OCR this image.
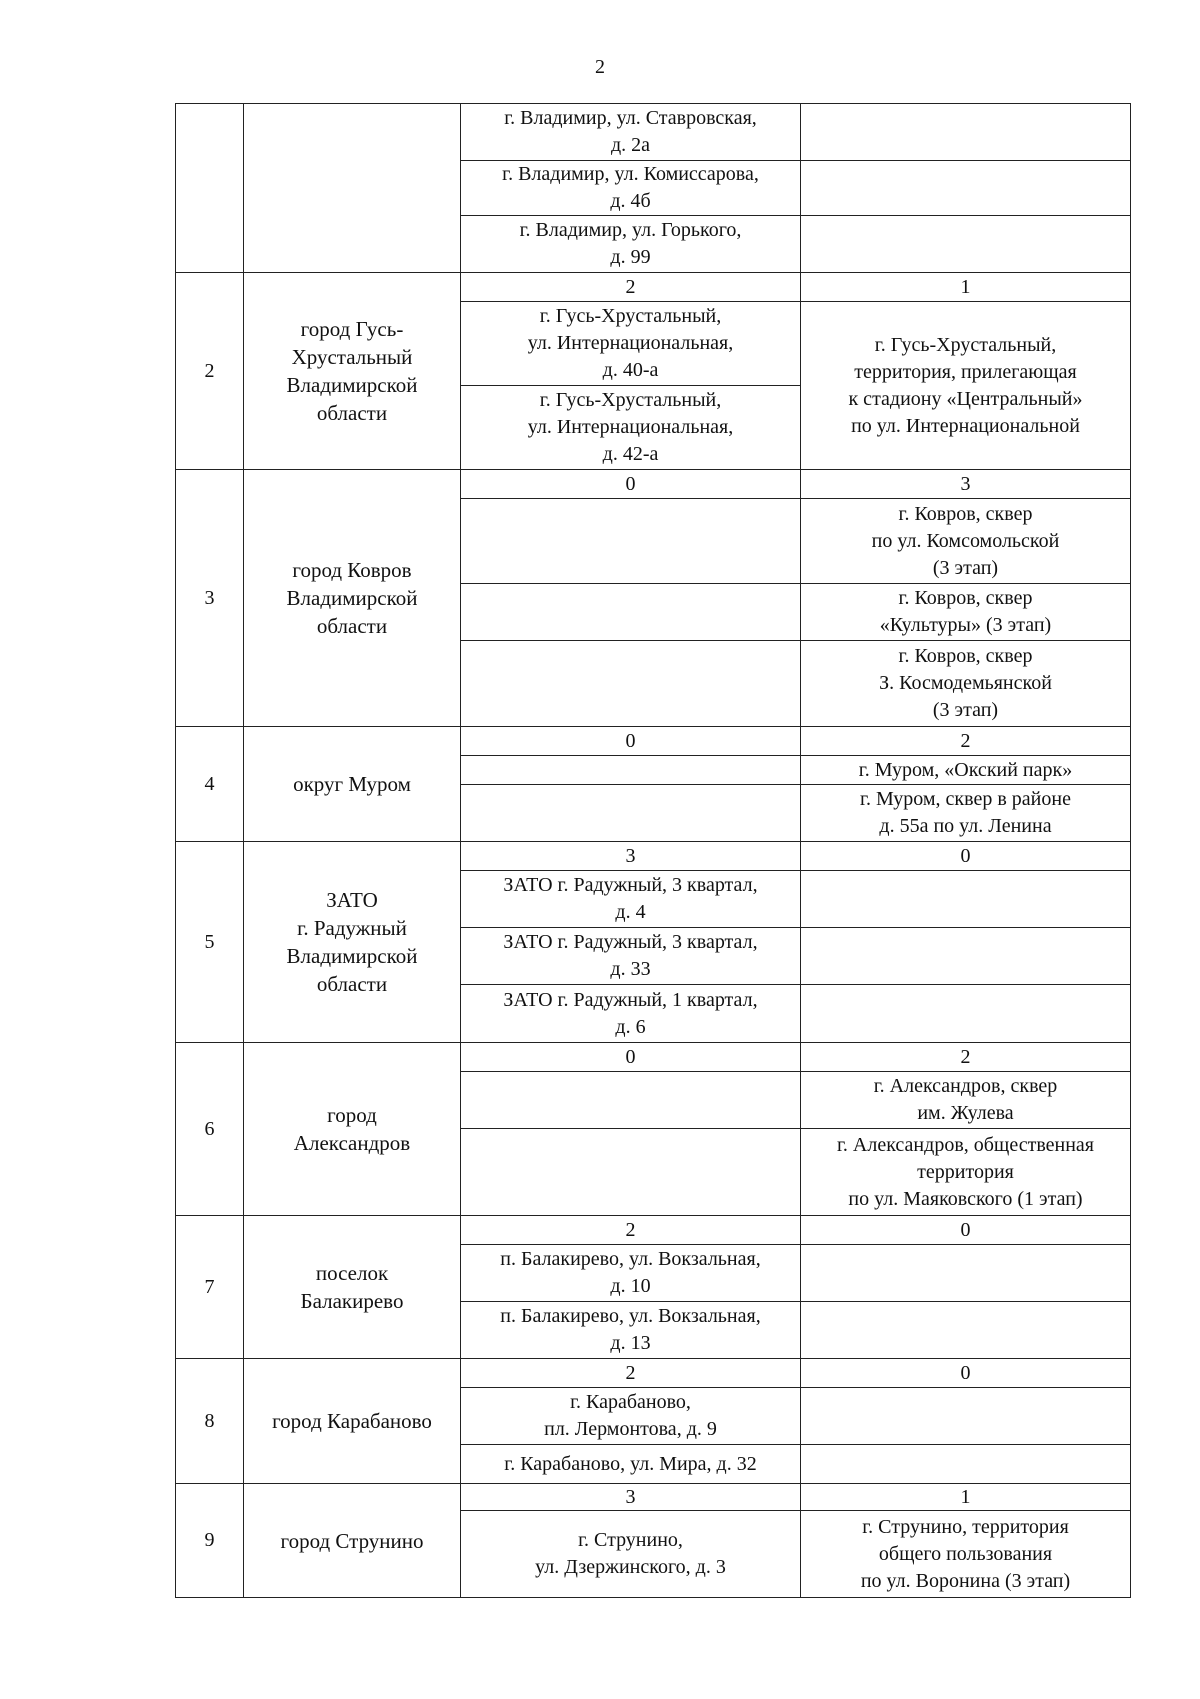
2
		г. Владимир, ул. Ставровская,
д. 2а	
		г. Владимир, ул. Комиссарова,
д. 4б	
		г. Владимир, ул. Горького,
д. 99	
2	город Гусь-
Хрустальный
Владимирской
области	2	1
		г. Гусь-Хрустальный,
ул. Интернациональная,
д. 40-а	г. Гусь-Хрустальный,
территория, прилегающая
к стадиону «Центральный»
по ул. Интернациональной
		г. Гусь-Хрустальный,
ул. Интернациональная,
д. 42-а	
3	город Ковров
Владимирской
области	0	3
			г. Ковров, сквер
по ул. Комсомольской
(3 этап)
			г. Ковров, сквер
«Культуры» (3 этап)
			г. Ковров, сквер
З. Космодемьянской
(3 этап)
4	округ Муром	0	2
			г. Муром, «Окский парк»
			г. Муром, сквер в районе
д. 55а по ул. Ленина
5	ЗАТО
г. Радужный
Владимирской
области	3	0
		ЗАТО г. Радужный, 3 квартал,
д. 4	
		ЗАТО г. Радужный, 3 квартал,
д. 33	
		ЗАТО г. Радужный, 1 квартал,
д. 6	
6	город
Александров	0	2
			г. Александров, сквер
им. Жулева
			г. Александров, общественная
территория
по ул. Маяковского (1 этап)
7	поселок
Балакирево	2	0
		п. Балакирево, ул. Вокзальная,
д. 10	
		п. Балакирево, ул. Вокзальная,
д. 13	
8	город Карабаново	2	0
		г. Карабаново,
пл. Лермонтова, д. 9	
		г. Карабаново, ул. Мира, д. 32	
9	город Струнино	3	1
		г. Струнино,
ул. Дзержинского, д. 3	г. Струнино, территория
общего пользования
по ул. Воронина (3 этап)
